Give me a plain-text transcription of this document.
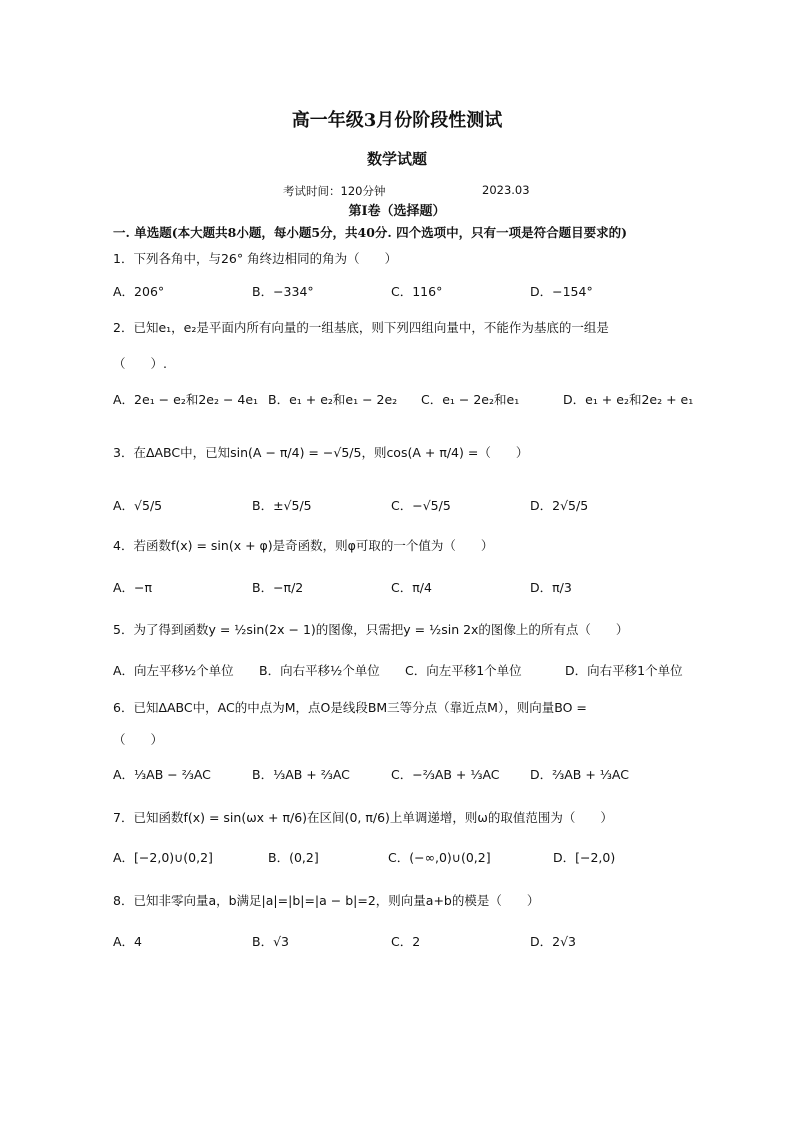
高一年级3月份阶段性测试
数学试题
考试时间：120分钟	2023.03
第Ⅰ卷（选择题）
一. 单选题(本大题共8小题，每小题5分，共40分. 四个选项中，只有一项是符合题目要求的)
1．下列各角中，与26° 角终边相同的角为（　　）
A．206°	B．−334°	C．116°	D．−154°
2．已知e₁，e₂是平面内所有向量的一组基底，则下列四组向量中，不能作为基底的一组是
（　　）.
A．2e₁ − e₂和2e₂ − 4e₁ B．e₁ + e₂和e₁ − 2e₂ C．e₁ − 2e₂和e₁	D．e₁ + e₂和2e₂ + e₁
3．在ΔABC中，已知sin(A − π/4) = −√5/5，则cos(A + π/4) =（　　）
A．√5/5	B．±√5/5	C．−√5/5	D．2√5/5
4．若函数f(x) = sin(x + φ)是奇函数，则φ可取的一个值为（　　）
A．−π	B．−π/2	C．π/4	D．π/3
5．为了得到函数y = ½sin(2x − 1)的图像，只需把y = ½sin 2x的图像上的所有点（　　）
A．向左平移½个单位 B．向右平移½个单位 C．向左平移1个单位	D．向右平移1个单位
6．已知ΔABC中，AC的中点为M，点O是线段BM三等分点（靠近点M），则向量BO =
（　　）
A．⅓AB − ⅔AC	B．⅓AB + ⅔AC	C．−⅔AB + ⅓AC D．⅔AB + ⅓AC
7．已知函数f(x) = sin(ωx + π/6)在区间(0, π/6)上单调递增，则ω的取值范围为（　　）
A．[−2,0)∪(0,2]	B．(0,2]	C．(−∞,0)∪(0,2]	D．[−2,0)
8．已知非零向量a，b满足|a|=|b|=|a − b|=2，则向量a+b的模是（　　）
A．4	B．√3	C．2	D．2√3
